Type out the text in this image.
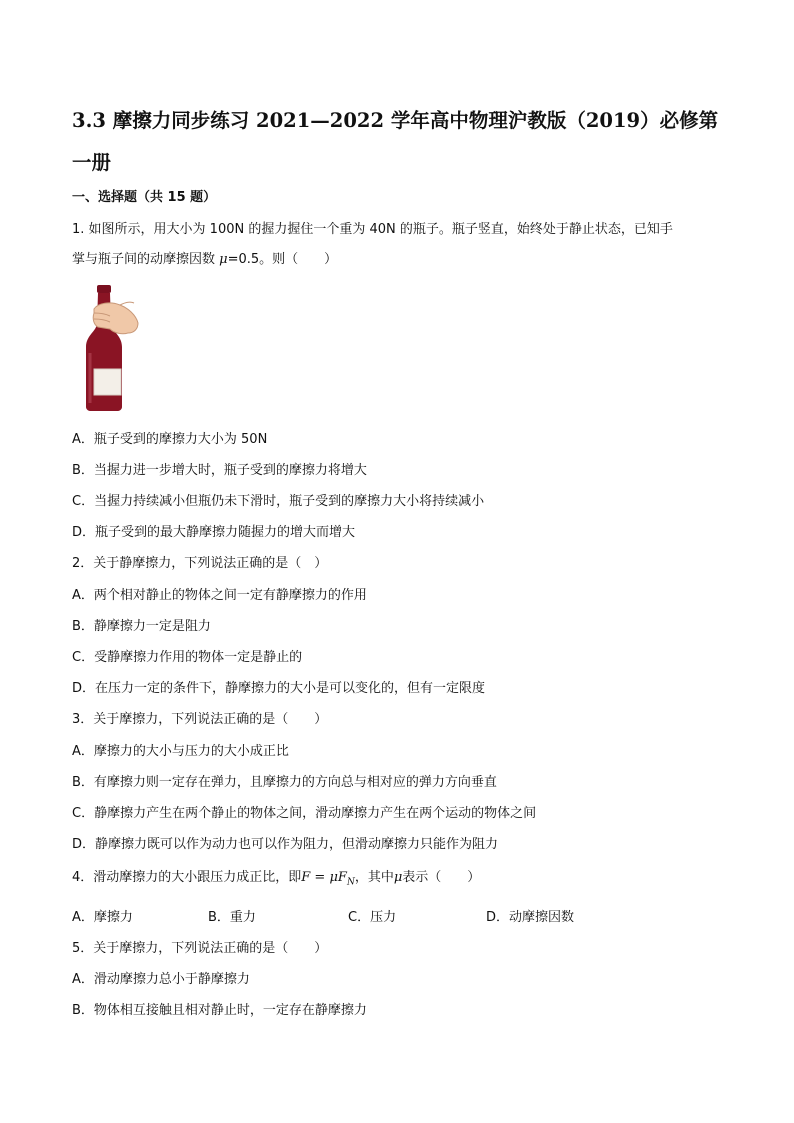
3.3 摩擦力同步练习 2021—2022 学年高中物理沪教版（2019）必修第
一册
一、选择题（共 15 题）
1. 如图所示，用大小为 100N 的握力握住一个重为 40N 的瓶子。瓶子竖直，始终处于静止状态，已知手
掌与瓶子间的动摩擦因数 μ=0.5。则（　　）
A．瓶子受到的摩擦力大小为 50N
B．当握力进一步增大时，瓶子受到的摩擦力将增大
C．当握力持续减小但瓶仍未下滑时，瓶子受到的摩擦力大小将持续减小
D．瓶子受到的最大静摩擦力随握力的增大而增大
2．关于静摩擦力，下列说法正确的是（　）
A．两个相对静止的物体之间一定有静摩擦力的作用
B．静摩擦力一定是阻力
C．受静摩擦力作用的物体一定是静止的
D．在压力一定的条件下，静摩擦力的大小是可以变化的，但有一定限度
3．关于摩擦力，下列说法正确的是（　　）
A．摩擦力的大小与压力的大小成正比
B．有摩擦力则一定存在弹力，且摩擦力的方向总与相对应的弹力方向垂直
C．静摩擦力产生在两个静止的物体之间，滑动摩擦力产生在两个运动的物体之间
D．静摩擦力既可以作为动力也可以作为阻力，但滑动摩擦力只能作为阻力
4．滑动摩擦力的大小跟压力成正比，即$F = \mu F_N$，其中μ表示（　　）
A．摩擦力	B．重力	C．压力	D．动摩擦因数
5．关于摩擦力，下列说法正确的是（　　）
A．滑动摩擦力总小于静摩擦力
B．物体相互接触且相对静止时，一定存在静摩擦力
